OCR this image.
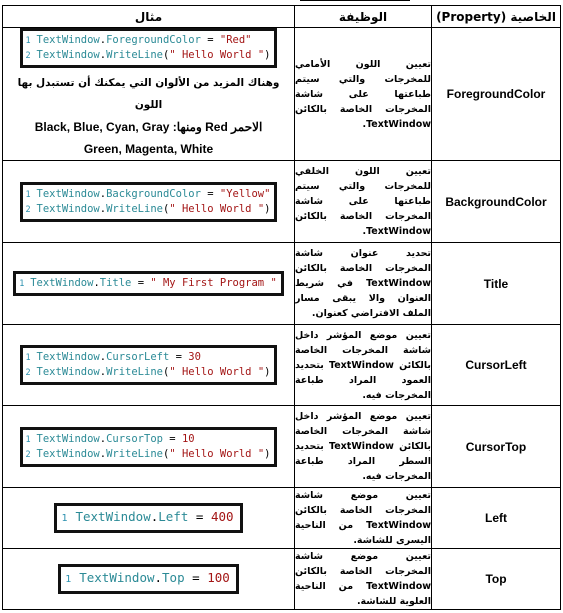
مثال	الوظيفة	الخاصية (Property)

1 TextWindow.ForegroundColor = "Red"
2 TextWindow.WriteLine(" Hello World ")
وهناك المزيد من الألوان التي يمكنك أن تستبدل بها اللون
الاحمر Red ومنها: Black, Blue, Cyan, Gray
Green, Magenta, White	تعيين اللون الأمامي للمخرجات والتي سيتم طباعتها على شاشة المخرجات الخاصة بالكائن TextWindow.	ForegroundColor

1 TextWindow.BackgroundColor = "Yellow"
2 TextWindow.WriteLine(" Hello World ")	تعيين اللون الخلفي للمخرجات والتي سيتم طباعتها على شاشة المخرجات الخاصة بالكائن TextWindow.	BackgroundColor

1 TextWindow.Title = " My First Program "	تحديد عنوان شاشة المخرجات الخاصة بالكائن TextWindow في شريط العنوان والا يبقى مسار الملف الافتراضي كعنوان.	Title

1 TextWindow.CursorLeft = 30
2 TextWindow.WriteLine(" Hello World ")	تعيين موضع المؤشر داخل شاشة المخرجات الخاصة بالكائن TextWindow بتحديد العمود المراد طباعة المخرجات فيه.	CursorLeft

1 TextWindow.CursorTop = 10
2 TextWindow.WriteLine(" Hello World ")	تعيين موضع المؤشر داخل شاشة المخرجات الخاصة بالكائن TextWindow بتحديد السطر المراد طباعة المخرجات فيه.	CursorTop

1 TextWindow.Left = 400	تعيين موضع شاشة المخرجات الخاصة بالكائن TextWindow من الناحية اليسرى للشاشة.	Left

1 TextWindow.Top = 100	تعيين موضع شاشة المخرجات الخاصة بالكائن TextWindow من الناحية العلوية للشاشة.	Top
